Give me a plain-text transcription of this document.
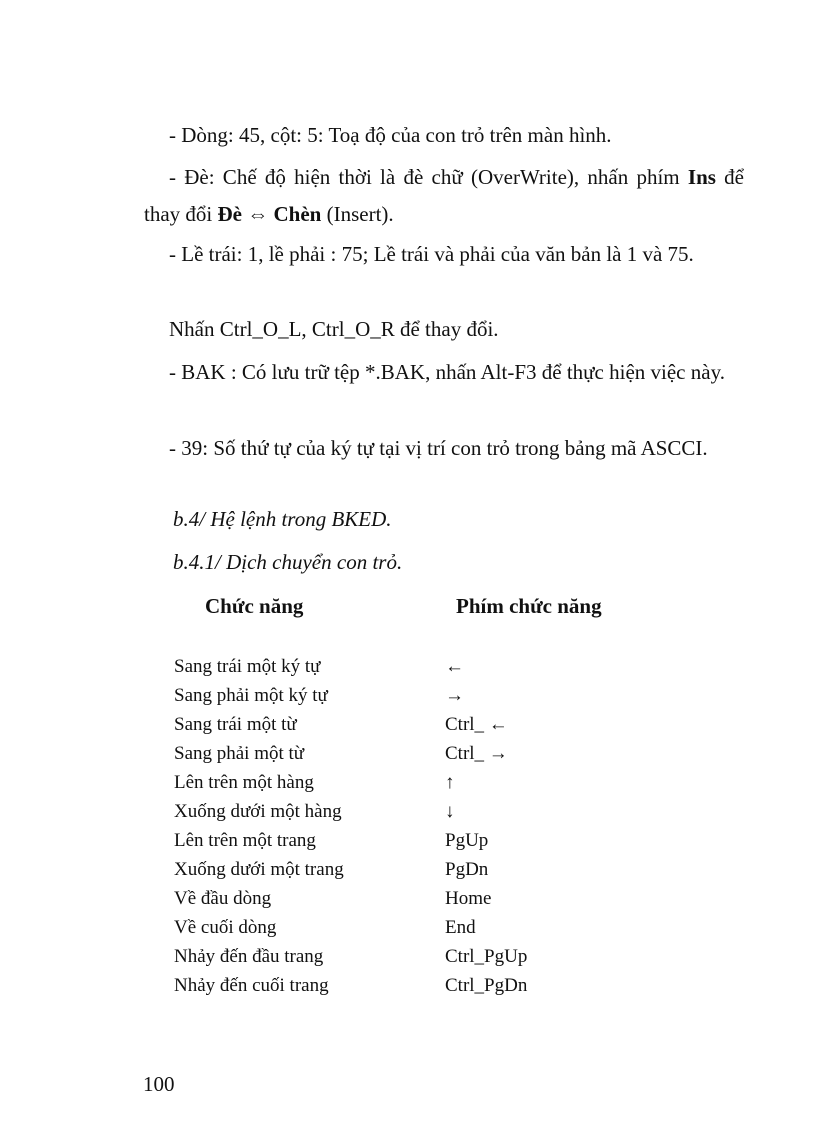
- Dòng: 45, cột: 5: Toạ độ của con trỏ trên màn hình.

- Đè: Chế độ hiện thời là đè chữ (OverWrite), nhấn phím Ins để thay đổi Đè ⇔ Chèn (Insert).

- Lề trái: 1, lề phải : 75; Lề trái và phải của văn bản là 1 và 75.

Nhấn Ctrl_O_L, Ctrl_O_R để thay đổi.

- BAK : Có lưu trữ tệp *.BAK, nhấn Alt-F3 để thực hiện việc này.

- 39: Số thứ tự của ký tự tại vị trí con trỏ trong bảng mã ASCCI.

b.4/ Hệ lệnh trong BKED.

b.4.1/ Dịch chuyển con trỏ.

Chức năng	Phím chức năng
Sang trái một ký tự	←
Sang phải một ký tự	→
Sang trái một từ	Ctrl_ ←
Sang phải một từ	Ctrl_ →
Lên trên một hàng	↑
Xuống dưới một hàng	↓
Lên trên một trang	PgUp
Xuống dưới một trang	PgDn
Về đầu dòng	Home
Về cuối dòng	End
Nhảy đến đầu trang	Ctrl_PgUp
Nhảy đến cuối trang	Ctrl_PgDn
100
